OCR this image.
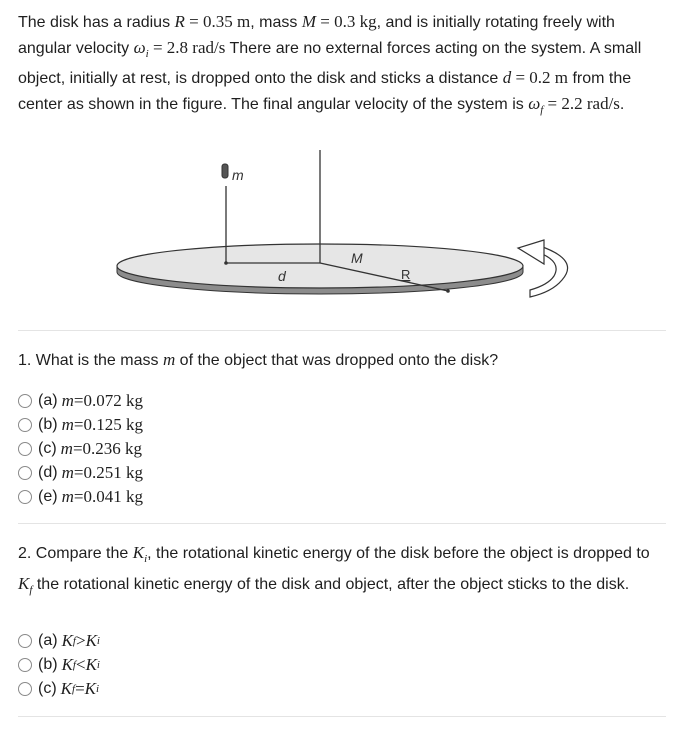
The disk has a radius R = 0.35 m, mass M = 0.3 kg, and is initially rotating freely with angular velocity $\omega_i = 2.8$ rad/s There are no external forces acting on the system. A small object, initially at rest, is dropped onto the disk and sticks a distance d = 0.2 m from the center as shown in the figure. The final angular velocity of the system is $\omega_f = 2.2$ rad/s.
m
M
d	R
1. What is the mass m of the object that was dropped onto the disk?
(a) m = 0.072 kg
(b) m = 0.125 kg
(c) m = 0.236 kg
(d) m = 0.251 kg
(e) m = 0.041 kg
2. Compare the $K_i$, the rotational kinetic energy of the disk before the object is dropped to $K_f$ the rotational kinetic energy of the disk and object, after the object sticks to the disk.
(a) K f > K i
(b) K f < K i
(c) K f = K i
